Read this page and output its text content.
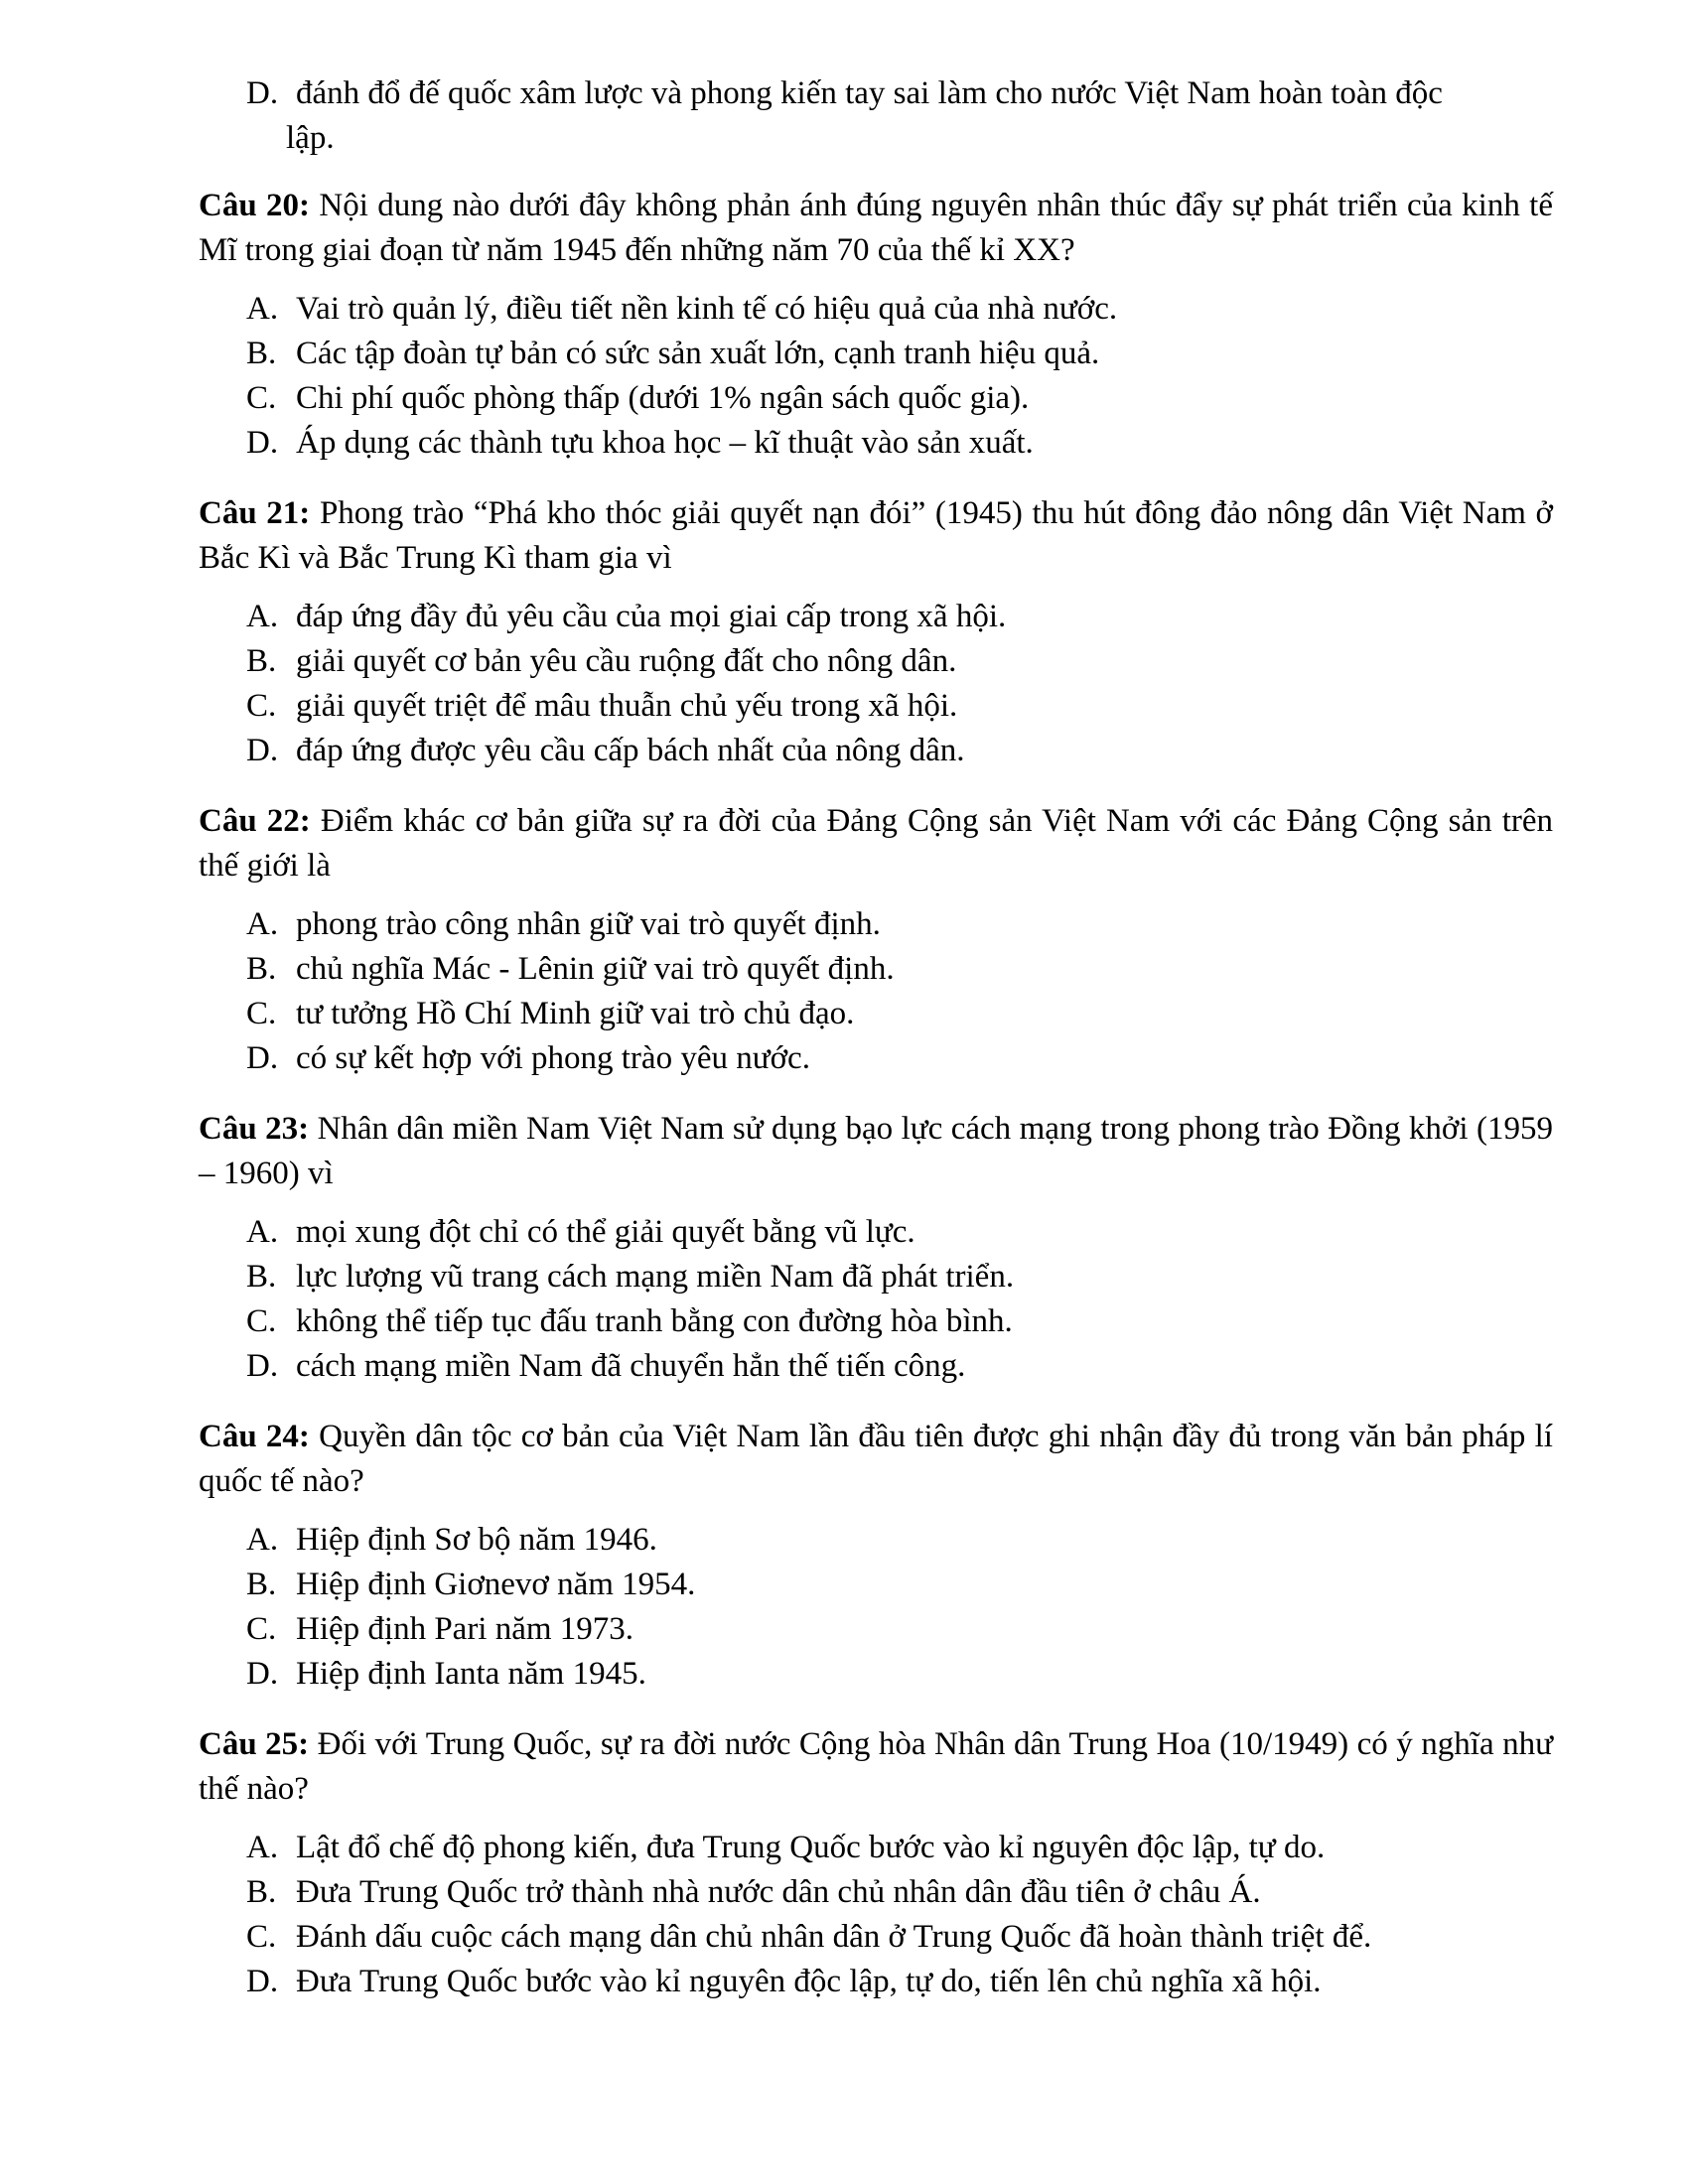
D. đánh đổ đế quốc xâm lược và phong kiến tay sai làm cho nước Việt Nam hoàn toàn độc
lập.

Câu 20: Nội dung nào dưới đây không phản ánh đúng nguyên nhân thúc đẩy sự phát triển của kinh tế Mĩ trong giai đoạn từ năm 1945 đến những năm 70 của thế kỉ XX?

A. Vai trò quản lý, điều tiết nền kinh tế có hiệu quả của nhà nước.
B. Các tập đoàn tự bản có sức sản xuất lớn, cạnh tranh hiệu quả.
C. Chi phí quốc phòng thấp (dưới 1% ngân sách quốc gia).
D. Áp dụng các thành tựu khoa học – kĩ thuật vào sản xuất.

Câu 21: Phong trào “Phá kho thóc giải quyết nạn đói” (1945) thu hút đông đảo nông dân Việt Nam ở Bắc Kì và Bắc Trung Kì tham gia vì

A. đáp ứng đầy đủ yêu cầu của mọi giai cấp trong xã hội.
B. giải quyết cơ bản yêu cầu ruộng đất cho nông dân.
C. giải quyết triệt để mâu thuẫn chủ yếu trong xã hội.
D. đáp ứng được yêu cầu cấp bách nhất của nông dân.

Câu 22: Điểm khác cơ bản giữa sự ra đời của Đảng Cộng sản Việt Nam với các Đảng Cộng sản trên thế giới là

A. phong trào công nhân giữ vai trò quyết định.
B. chủ nghĩa Mác - Lênin giữ vai trò quyết định.
C. tư tưởng Hồ Chí Minh giữ vai trò chủ đạo.
D. có sự kết hợp với phong trào yêu nước.

Câu 23: Nhân dân miền Nam Việt Nam sử dụng bạo lực cách mạng trong phong trào Đồng khởi (1959 – 1960) vì

A. mọi xung đột chỉ có thể giải quyết bằng vũ lực.
B. lực lượng vũ trang cách mạng miền Nam đã phát triển.
C. không thể tiếp tục đấu tranh bằng con đường hòa bình.
D. cách mạng miền Nam đã chuyển hẳn thế tiến công.

Câu 24: Quyền dân tộc cơ bản của Việt Nam lần đầu tiên được ghi nhận đầy đủ trong văn bản pháp lí quốc tế nào?

A. Hiệp định Sơ bộ năm 1946.
B. Hiệp định Giơnevơ năm 1954.
C. Hiệp định Pari năm 1973.
D. Hiệp định Ianta năm 1945.

Câu 25: Đối với Trung Quốc, sự ra đời nước Cộng hòa Nhân dân Trung Hoa (10/1949) có ý nghĩa như thế nào?

A. Lật đổ chế độ phong kiến, đưa Trung Quốc bước vào kỉ nguyên độc lập, tự do.
B. Đưa Trung Quốc trở thành nhà nước dân chủ nhân dân đầu tiên ở châu Á.
C. Đánh dấu cuộc cách mạng dân chủ nhân dân ở Trung Quốc đã hoàn thành triệt để.
D. Đưa Trung Quốc bước vào kỉ nguyên độc lập, tự do, tiến lên chủ nghĩa xã hội.
